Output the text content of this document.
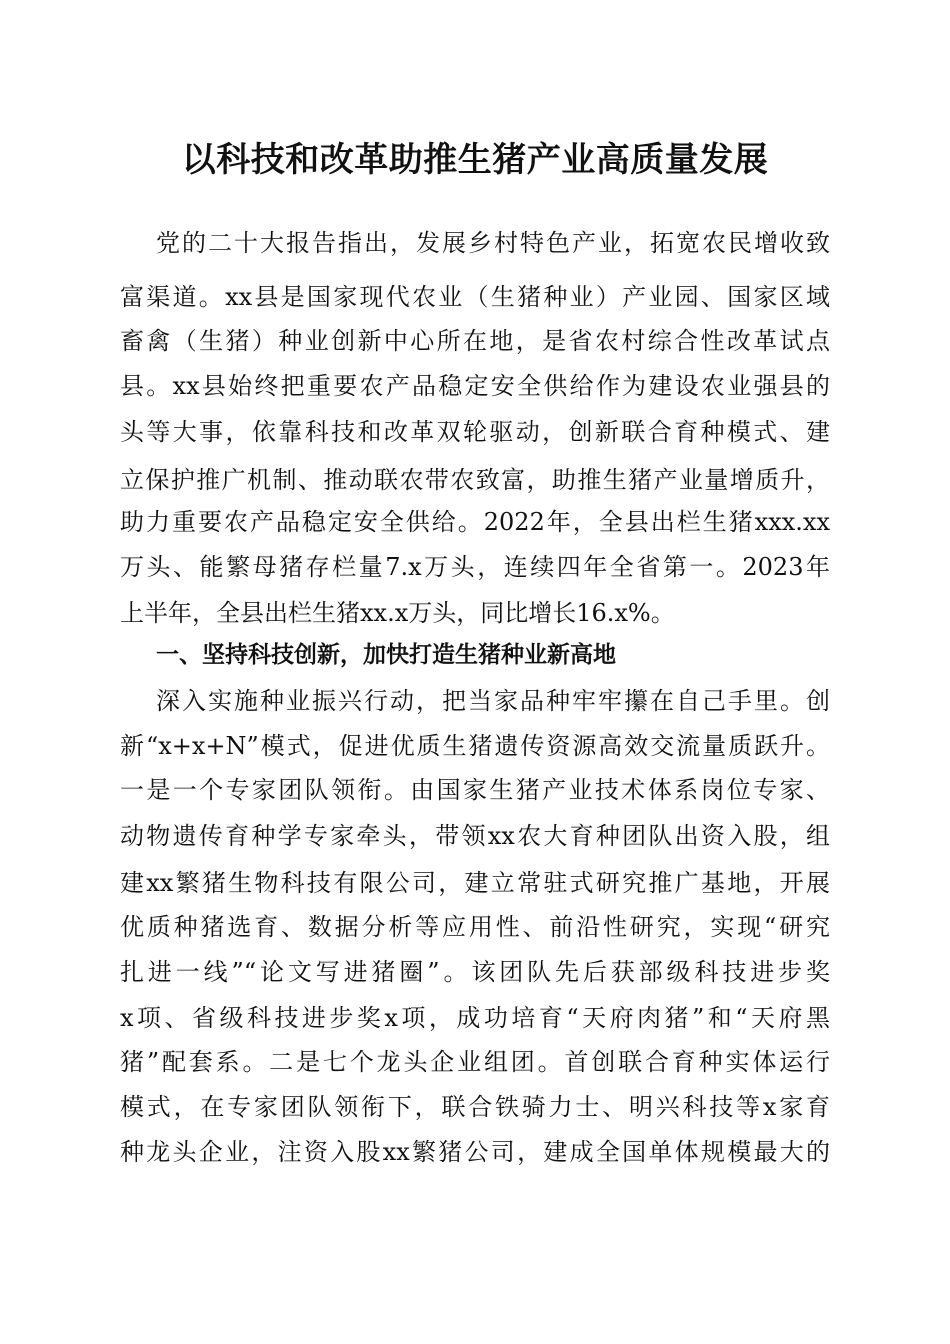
以科技和改革助推生猪产业高质量发展

党的二十大报告指出，发展乡村特色产业，拓宽农民增收致

富渠道。xx县是国家现代农业（生猪种业）产业园、国家区域

畜禽（生猪）种业创新中心所在地，是省农村综合性改革试点

县。xx县始终把重要农产品稳定安全供给作为建设农业强县的

头等大事，依靠科技和改革双轮驱动，创新联合育种模式、建

立保护推广机制、推动联农带农致富，助推生猪产业量增质升，

助力重要农产品稳定安全供给。2022年，全县出栏生猪xxx.xx

万头、能繁母猪存栏量7.x万头，连续四年全省第一。2023年

上半年，全县出栏生猪xx.x万头，同比增长16.x%。

一、坚持科技创新，加快打造生猪种业新高地

深入实施种业振兴行动，把当家品种牢牢攥在自己手里。创

新“x+x+N”模式，促进优质生猪遗传资源高效交流量质跃升。

一是一个专家团队领衔。由国家生猪产业技术体系岗位专家、

动物遗传育种学专家牵头，带领xx农大育种团队出资入股，组

建xx繁猪生物科技有限公司，建立常驻式研究推广基地，开展

优质种猪选育、数据分析等应用性、前沿性研究，实现“研究

扎进一线”“论文写进猪圈”。该团队先后获部级科技进步奖

x项、省级科技进步奖x项，成功培育“天府肉猪”和“天府黑

猪”配套系。二是七个龙头企业组团。首创联合育种实体运行

模式，在专家团队领衔下，联合铁骑力士、明兴科技等x家育

种龙头企业，注资入股xx繁猪公司，建成全国单体规模最大的
